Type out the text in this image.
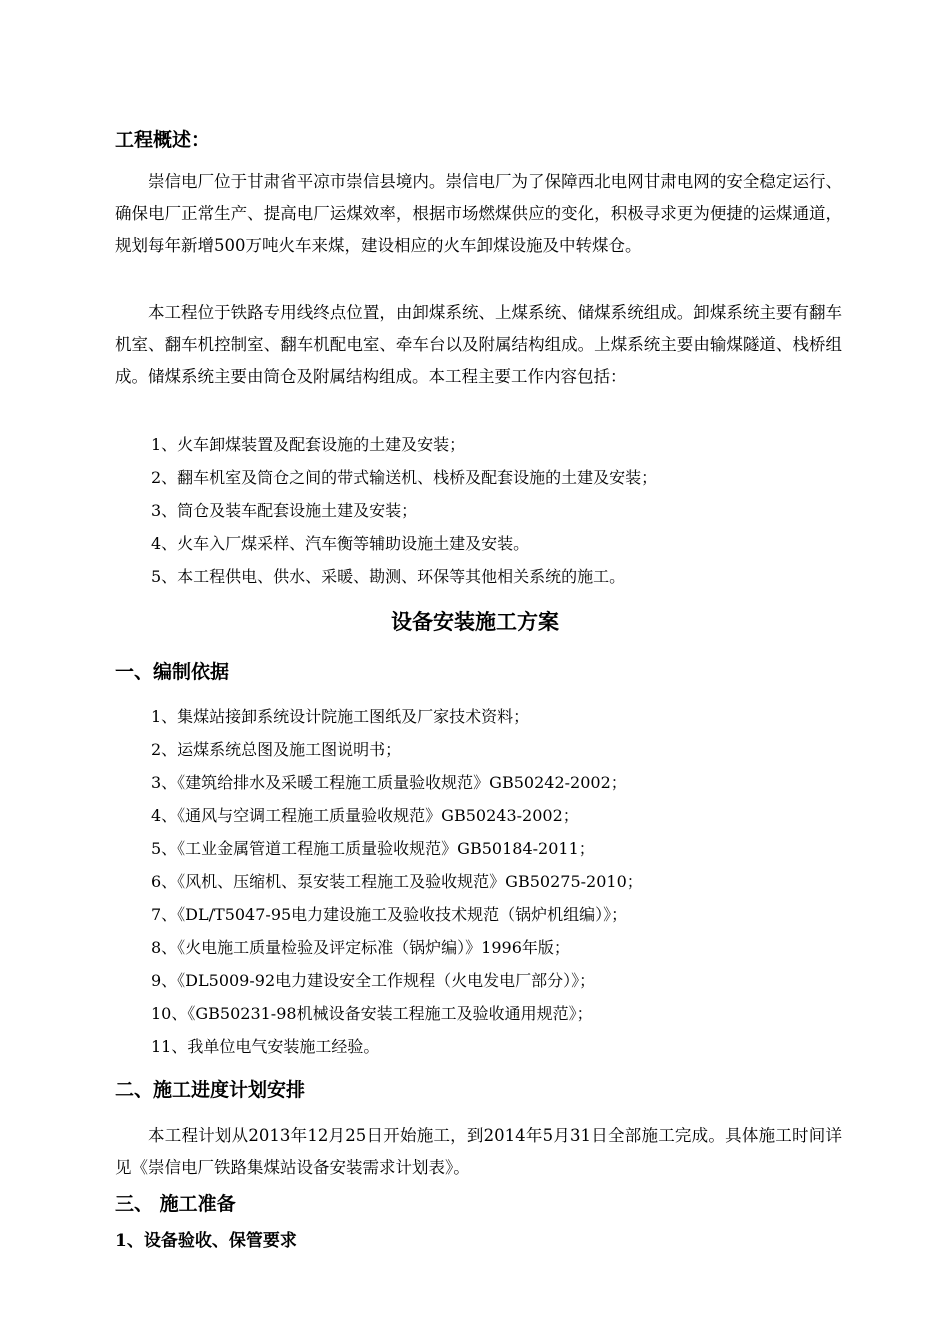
工程概述：

崇信电厂位于甘肃省平凉市崇信县境内。崇信电厂为了保障西北电网甘肃电网的安全稳定运行、确保电厂正常生产、提高电厂运煤效率，根据市场燃煤供应的变化，积极寻求更为便捷的运煤通道，规划每年新增500万吨火车来煤，建设相应的火车卸煤设施及中转煤仓。

本工程位于铁路专用线终点位置，由卸煤系统、上煤系统、储煤系统组成。卸煤系统主要有翻车机室、翻车机控制室、翻车机配电室、牵车台以及附属结构组成。上煤系统主要由输煤隧道、栈桥组成。储煤系统主要由筒仓及附属结构组成。本工程主要工作内容包括：

1、火车卸煤装置及配套设施的土建及安装；
2、翻车机室及筒仓之间的带式输送机、栈桥及配套设施的土建及安装；
3、筒仓及装车配套设施土建及安装；
4、火车入厂煤采样、汽车衡等辅助设施土建及安装。
5、本工程供电、供水、采暖、勘测、环保等其他相关系统的施工。
设备安装施工方案
一、编制依据
1、集煤站接卸系统设计院施工图纸及厂家技术资料；
2、运煤系统总图及施工图说明书；
3、《建筑给排水及采暖工程施工质量验收规范》GB50242-2002；
4、《通风与空调工程施工质量验收规范》GB50243-2002；
5、《工业金属管道工程施工质量验收规范》GB50184-2011；
6、《风机、压缩机、泵安装工程施工及验收规范》GB50275-2010；
7、《DL/T5047-95电力建设施工及验收技术规范（锅炉机组编）》；
8、《火电施工质量检验及评定标准（锅炉编）》1996年版；
9、《DL5009-92电力建设安全工作规程（火电发电厂部分）》；
10、《GB50231-98机械设备安装工程施工及验收通用规范》；
11、我单位电气安装施工经验。
二、施工进度计划安排

本工程计划从2013年12月25日开始施工，到2014年5月31日全部施工完成。具体施工时间详见《崇信电厂铁路集煤站设备安装需求计划表》。

三、 施工准备
1、设备验收、保管要求
